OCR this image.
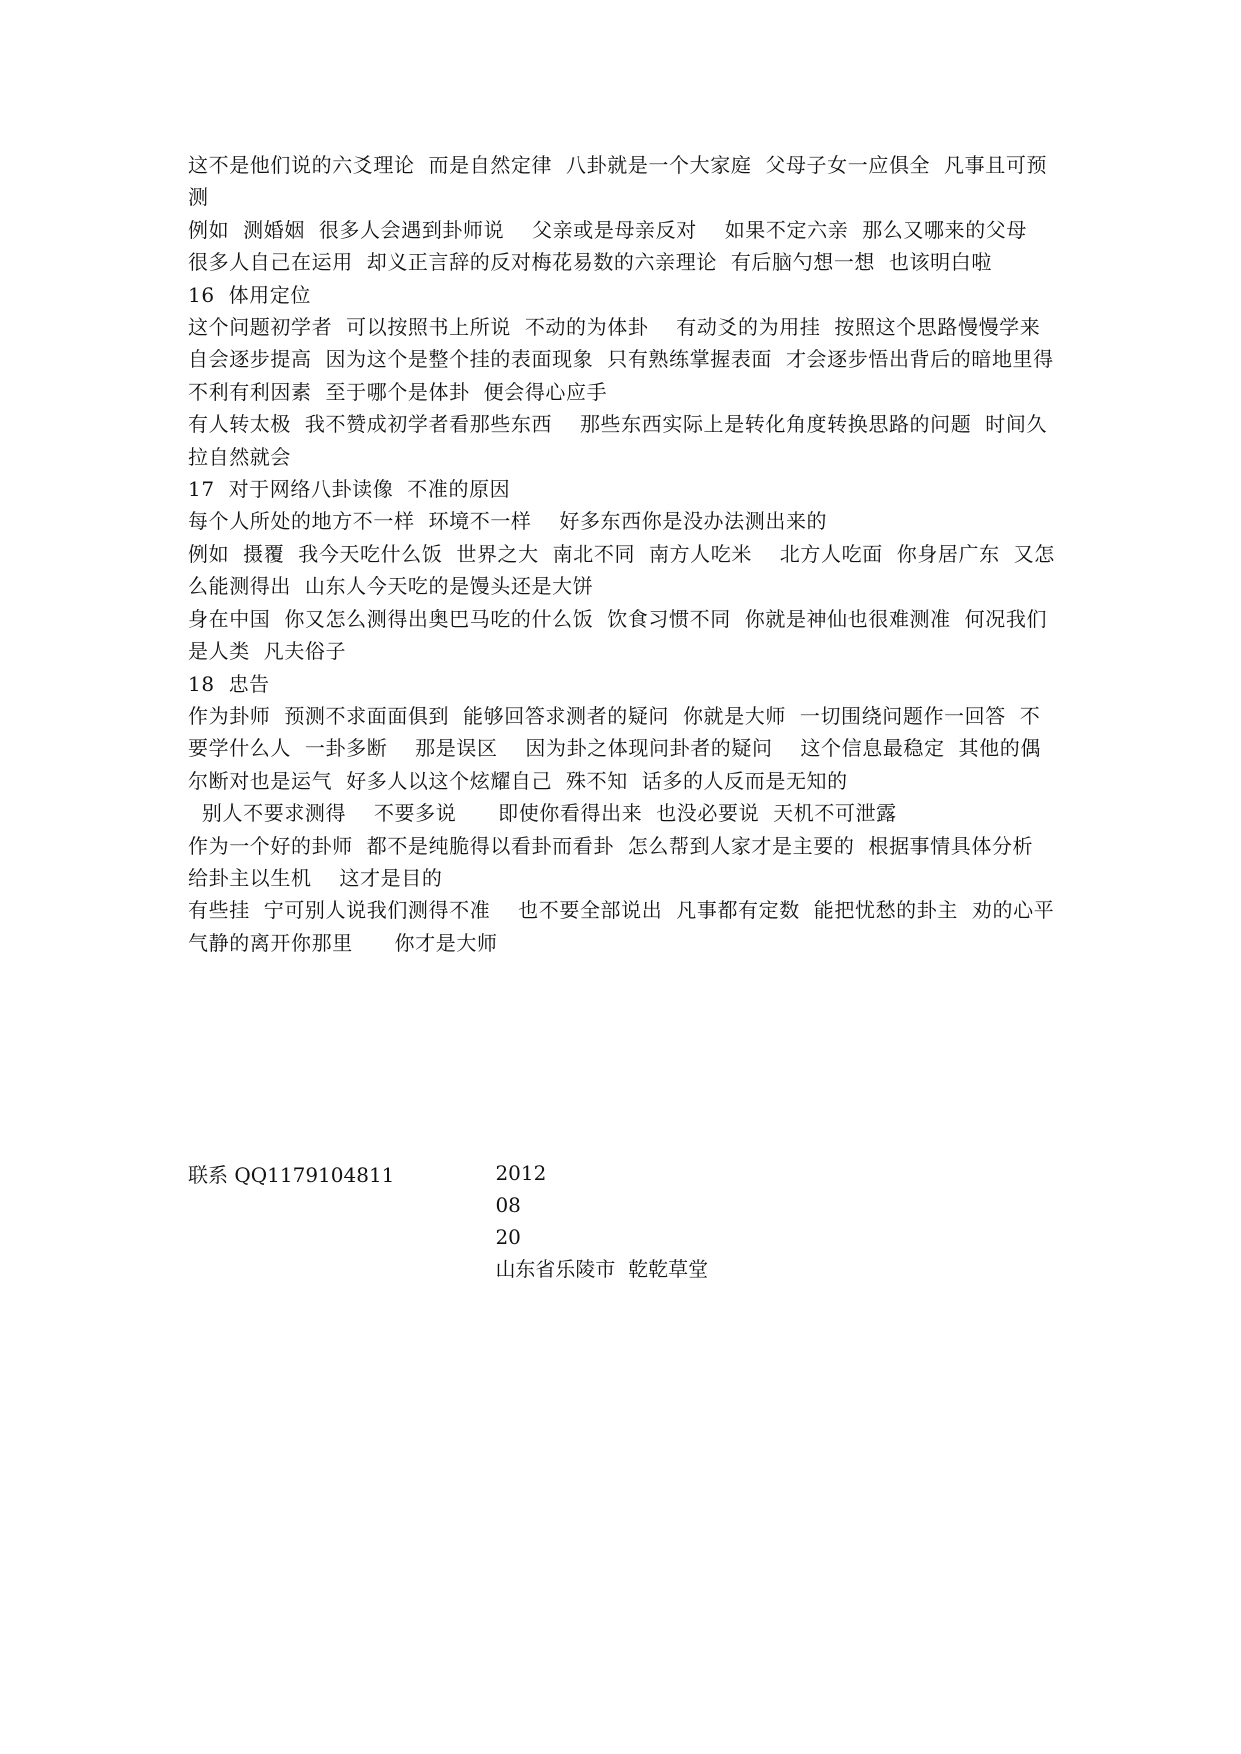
这不是他们说的六爻理论  而是自然定律  八卦就是一个大家庭  父母子女一应俱全  凡事且可预测

例如  测婚姻  很多人会遇到卦师说    父亲或是母亲反对    如果不定六亲  那么又哪来的父母  很多人自己在运用  却义正言辞的反对梅花易数的六亲理论  有后脑勺想一想  也该明白啦

16  体用定位

这个问题初学者  可以按照书上所说  不动的为体卦    有动爻的为用挂  按照这个思路慢慢学来  自会逐步提高  因为这个是整个挂的表面现象  只有熟练掌握表面  才会逐步悟出背后的暗地里得不利有利因素  至于哪个是体卦  便会得心应手

有人转太极  我不赞成初学者看那些东西    那些东西实际上是转化角度转换思路的问题  时间久拉自然就会

17  对于网络八卦读像  不准的原因

每个人所处的地方不一样  环境不一样    好多东西你是没办法测出来的

例如  摄覆  我今天吃什么饭  世界之大  南北不同  南方人吃米    北方人吃面  你身居广东  又怎么能测得出  山东人今天吃的是馒头还是大饼

身在中国  你又怎么测得出奥巴马吃的什么饭  饮食习惯不同  你就是神仙也很难测准  何况我们是人类  凡夫俗子

18  忠告

作为卦师  预测不求面面俱到  能够回答求测者的疑问  你就是大师  一切围绕问题作一回答  不要学什么人  一卦多断    那是误区    因为卦之体现问卦者的疑问    这个信息最稳定  其他的偶尔断对也是运气  好多人以这个炫耀自己  殊不知  话多的人反而是无知的

别人不要求测得    不要多说      即使你看得出来  也没必要说  天机不可泄露

作为一个好的卦师  都不是纯脆得以看卦而看卦  怎么帮到人家才是主要的  根据事情具体分析  给卦主以生机    这才是目的

有些挂  宁可别人说我们测得不准    也不要全部说出  凡事都有定数  能把忧愁的卦主  劝的心平气静的离开你那里      你才是大师

2012
08
20
山东省乐陵市  乾乾草堂

联系 QQ1179104811
